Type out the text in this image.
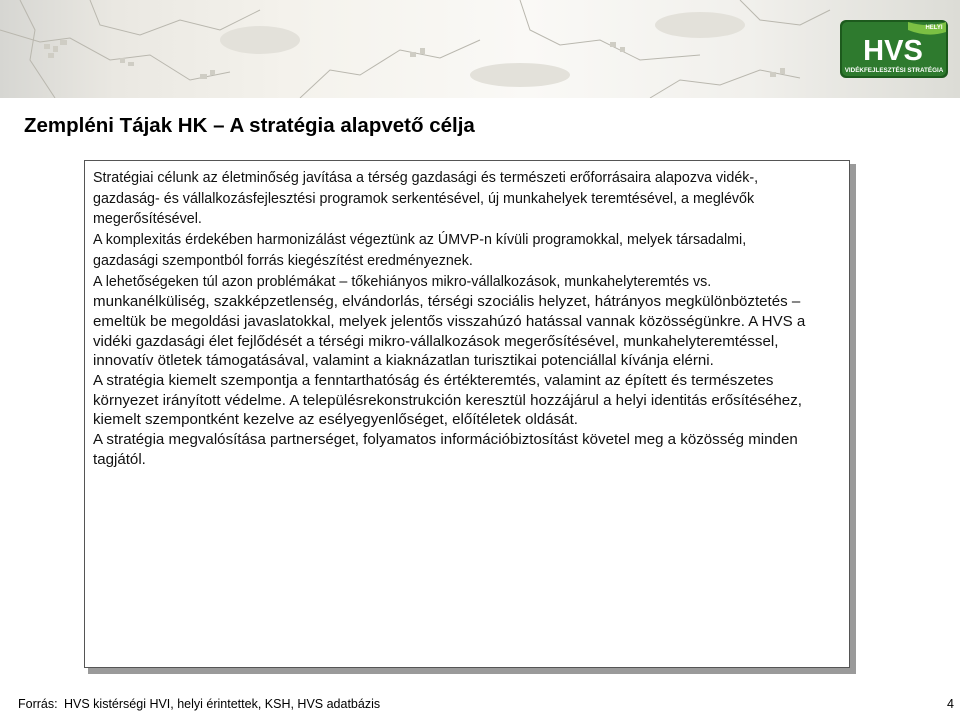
HELYI
HVS
VIDÉKFEJLESZTÉSI STRATÉGIA
Zempléni Tájak HK – A stratégia alapvető célja

Stratégiai célunk az életminőség javítása a térség gazdasági és természeti erőforrásaira alapozva vidék-,

gazdaság- és vállalkozásfejlesztési programok serkentésével, új munkahelyek teremtésével, a meglévők

megerősítésével.

A komplexitás érdekében harmonizálást végeztünk az ÚMVP-n kívüli programokkal, melyek társadalmi,

gazdasági szempontból forrás kiegészítést eredményeznek.

A lehetőségeken túl azon problémákat – tőkehiányos mikro-vállalkozások, munkahelyteremtés vs.

munkanélküliség, szakképzetlenség, elvándorlás, térségi szociális helyzet, hátrányos megkülönböztetés –

emeltük be megoldási javaslatokkal, melyek jelentős visszahúzó hatással vannak közösségünkre. A HVS a

vidéki gazdasági élet fejlődését a térségi mikro-vállalkozások megerősítésével, munkahelyteremtéssel,

innovatív ötletek támogatásával, valamint a kiaknázatlan turisztikai potenciállal kívánja elérni.

A stratégia kiemelt szempontja a fenntarthatóság és értékteremtés, valamint az épített és természetes

környezet irányított védelme. A településrekonstrukción keresztül hozzájárul a helyi identitás erősítéséhez,

kiemelt szempontként kezelve az esélyegyenlőséget, előítéletek oldását.

A stratégia megvalósítása partnerséget, folyamatos információbiztosítást követel meg a közösség minden

tagjától.

Forrás: HVS kistérségi HVI, helyi érintettek, KSH, HVS adatbázis	4
